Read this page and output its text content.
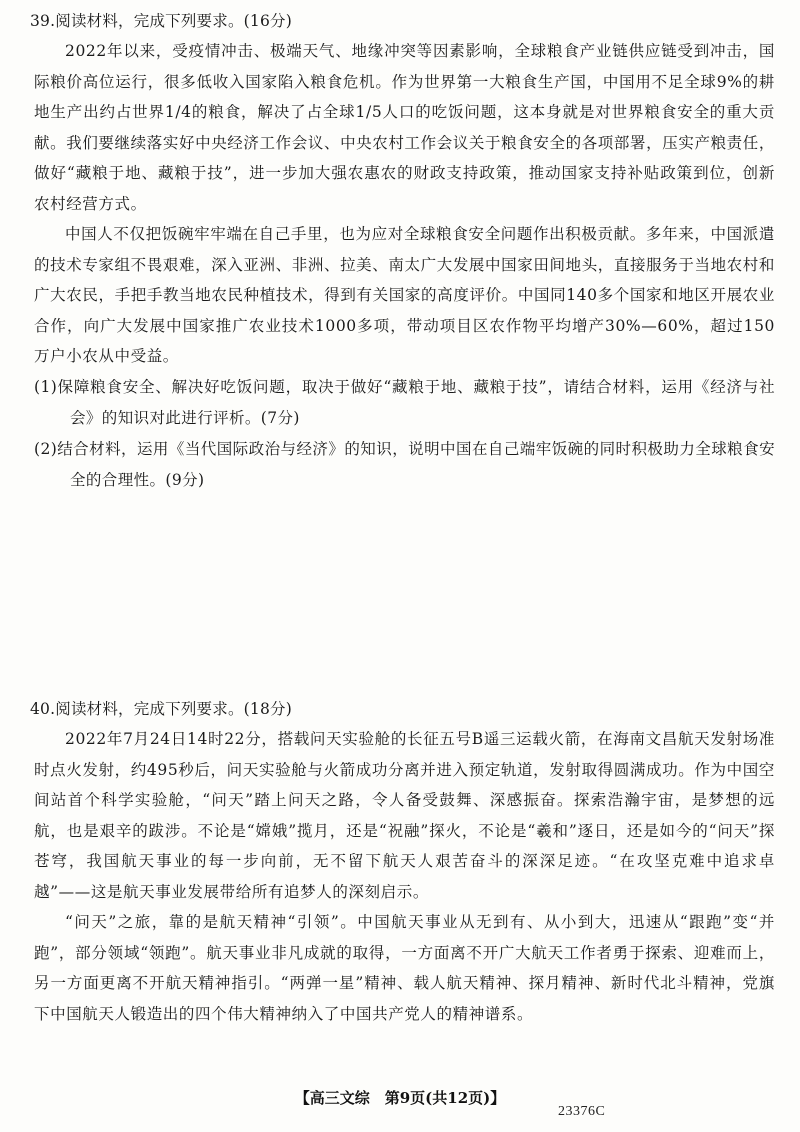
39.阅读材料，完成下列要求。(16分)

2022年以来，受疫情冲击、极端天气、地缘冲突等因素影响，全球粮食产业链供应链受到冲击，国际粮价高位运行，很多低收入国家陷入粮食危机。作为世界第一大粮食生产国，中国用不足全球9%的耕地生产出约占世界1/4的粮食，解决了占全球1/5人口的吃饭问题，这本身就是对世界粮食安全的重大贡献。我们要继续落实好中央经济工作会议、中央农村工作会议关于粮食安全的各项部署，压实产粮责任，做好“藏粮于地、藏粮于技”，进一步加大强农惠农的财政支持政策，推动国家支持补贴政策到位，创新农村经营方式。

中国人不仅把饭碗牢牢端在自己手里，也为应对全球粮食安全问题作出积极贡献。多年来，中国派遣的技术专家组不畏艰难，深入亚洲、非洲、拉美、南太广大发展中国家田间地头，直接服务于当地农村和广大农民，手把手教当地农民种植技术，得到有关国家的高度评价。中国同140多个国家和地区开展农业合作，向广大发展中国家推广农业技术1000多项，带动项目区农作物平均增产30%—60%，超过150万户小农从中受益。

(1)保障粮食安全、解决好吃饭问题，取决于做好“藏粮于地、藏粮于技”，请结合材料，运用《经济与社会》的知识对此进行评析。(7分)

(2)结合材料，运用《当代国际政治与经济》的知识，说明中国在自己端牢饭碗的同时积极助力全球粮食安全的合理性。(9分)

40.阅读材料，完成下列要求。(18分)

2022年7月24日14时22分，搭载问天实验舱的长征五号B遥三运载火箭，在海南文昌航天发射场准时点火发射，约495秒后，问天实验舱与火箭成功分离并进入预定轨道，发射取得圆满成功。作为中国空间站首个科学实验舱，“问天”踏上问天之路，令人备受鼓舞、深感振奋。探索浩瀚宇宙，是梦想的远航，也是艰辛的跋涉。不论是“嫦娥”揽月，还是“祝融”探火，不论是“羲和”逐日，还是如今的“问天”探苍穹，我国航天事业的每一步向前，无不留下航天人艰苦奋斗的深深足迹。“在攻坚克难中追求卓越”——这是航天事业发展带给所有追梦人的深刻启示。

“问天”之旅，靠的是航天精神“引领”。中国航天事业从无到有、从小到大，迅速从“跟跑”变“并跑”，部分领域“领跑”。航天事业非凡成就的取得，一方面离不开广大航天工作者勇于探索、迎难而上，另一方面更离不开航天精神指引。“两弹一星”精神、载人航天精神、探月精神、新时代北斗精神，党旗下中国航天人锻造出的四个伟大精神纳入了中国共产党人的精神谱系。

【高三文综　第9页(共12页)】
23376C
